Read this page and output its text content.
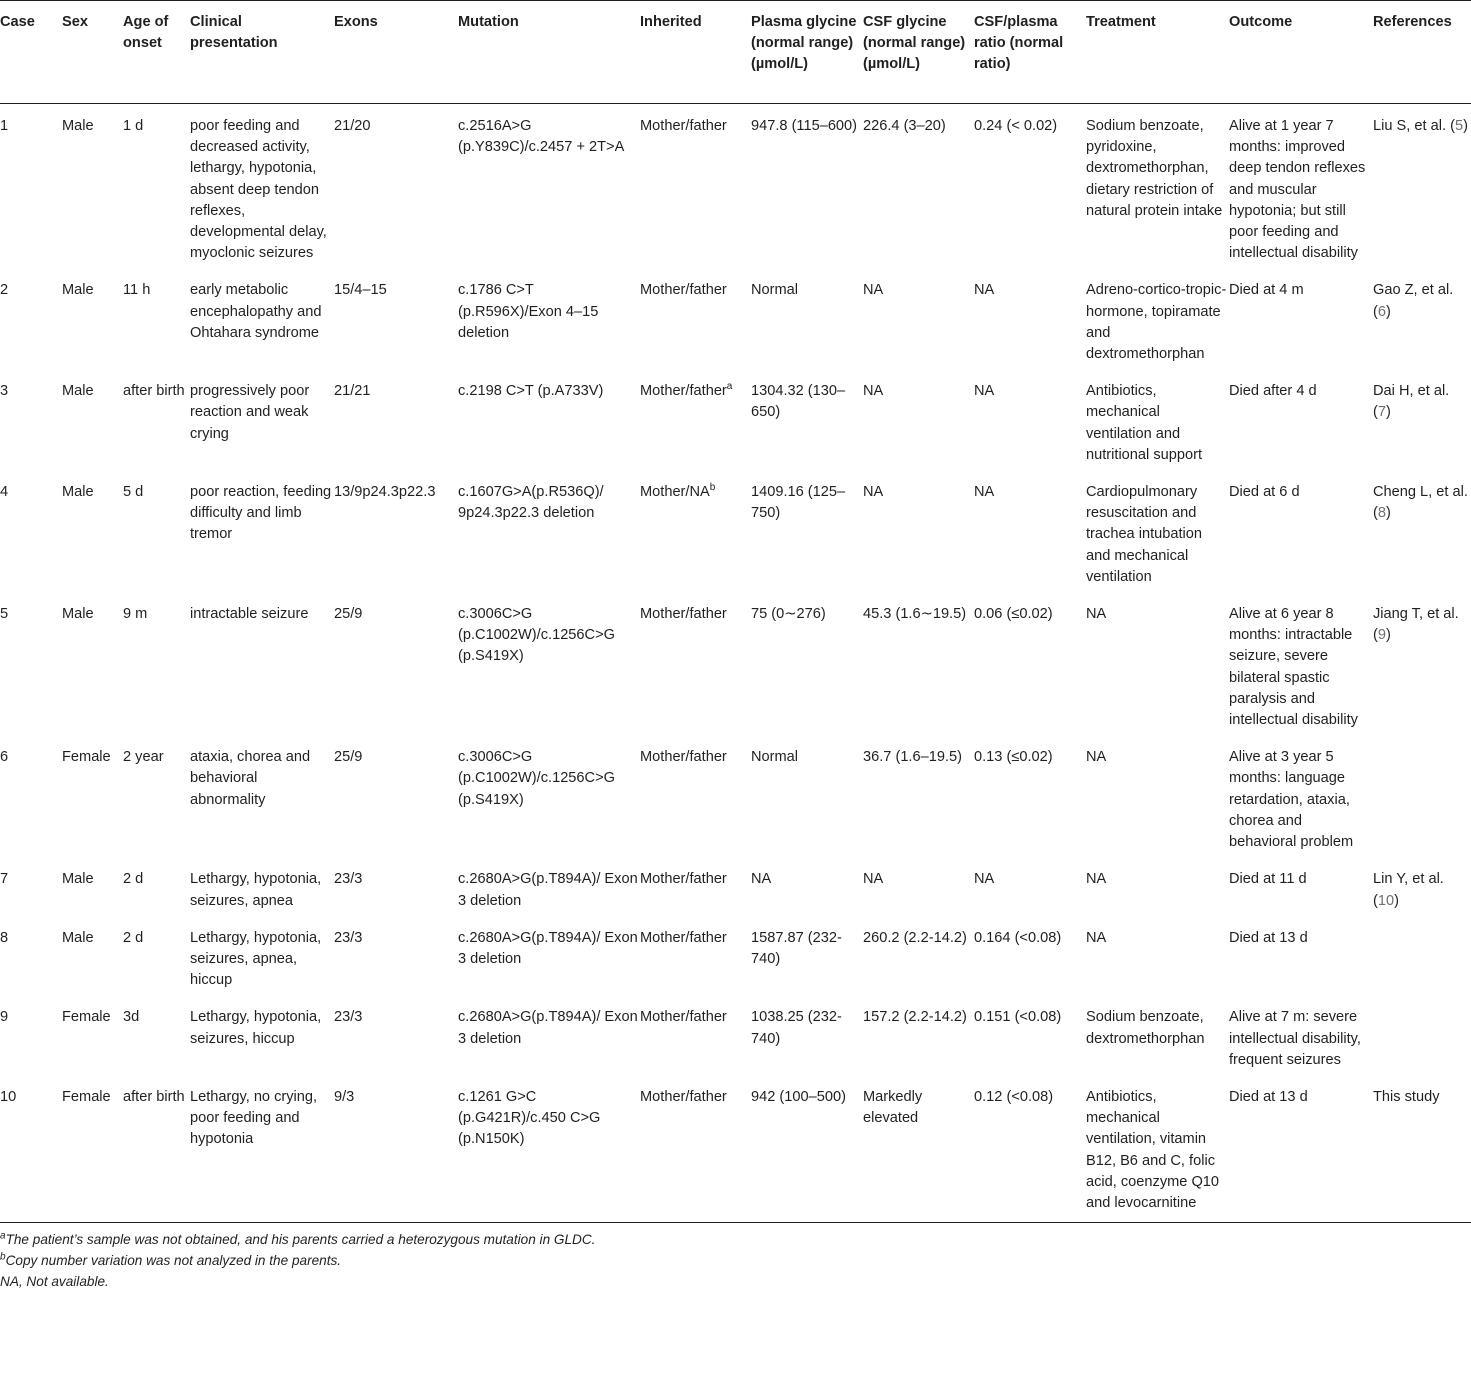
Case	Sex	Age of onset	Clinical presentation	Exons	Mutation	Inherited	Plasma glycine (normal range) (µmol/L)	CSF glycine (normal range) (µmol/L)	CSF/plasma ratio (normal ratio)	Treatment	Outcome	References
1	Male	1 d	poor feeding and decreased activity, lethargy, hypotonia, absent deep tendon reflexes, developmental delay, myoclonic seizures	21/20	c.2516A>G (p.Y839C)/c.2457 + 2T>A	Mother/father	947.8 (115–600)	226.4 (3–20)	0.24 (< 0.02)	Sodium benzoate, pyridoxine, dextromethorphan, dietary restriction of natural protein intake	Alive at 1 year 7 months: improved deep tendon reflexes and muscular hypotonia; but still poor feeding and intellectual disability	Liu S, et al. (5)
2	Male	11 h	early metabolic encephalopathy and Ohtahara syndrome	15/4–15	c.1786 C>T (p.R596X)/Exon 4–15 deletion	Mother/father	Normal	NA	NA	Adreno-cortico-tropic-hormone, topiramate and dextromethorphan	Died at 4 m	Gao Z, et al. (6)
3	Male	after birth	progressively poor reaction and weak crying	21/21	c.2198 C>T (p.A733V)	Mother/father$^a$	1304.32 (130–650)	NA	NA	Antibiotics, mechanical ventilation and nutritional support	Died after 4 d	Dai H, et al. (7)
4	Male	5 d	poor reaction, feeding difficulty and limb tremor	13/9p24.3p22.3	c.1607G>A(p.R536Q)/ 9p24.3p22.3 deletion	Mother/$NA^b$	1409.16 (125–750)	NA	NA	Cardiopulmonary resuscitation and trachea intubation and mechanical ventilation	Died at 6 d	Cheng L, et al. (8)
5	Male	9 m	intractable seizure	25/9	c.3006C>G (p.C1002W)/c.1256C>G (p.S419X)	Mother/father	75 (0∼276)	45.3 (1.6∼19.5)	0.06 (≤0.02)	NA	Alive at 6 year 8 months: intractable seizure, severe bilateral spastic paralysis and intellectual disability	Jiang T, et al. (9)
6	Female	2 year	ataxia, chorea and behavioral abnormality	25/9	c.3006C>G (p.C1002W)/c.1256C>G (p.S419X)	Mother/father	Normal	36.7 (1.6–19.5)	0.13 (≤0.02)	NA	Alive at 3 year 5 months: language retardation, ataxia, chorea and behavioral problem	
7	Male	2 d	Lethargy, hypotonia, seizures, apnea	23/3	c.2680A>G(p.T894A)/ Exon 3 deletion	Mother/father	NA	NA	NA	NA	Died at 11 d	Lin Y, et al. (10)
8	Male	2 d	Lethargy, hypotonia, seizures, apnea, hiccup	23/3	c.2680A>G(p.T894A)/ Exon 3 deletion	Mother/father	1587.87 (232-740)	260.2 (2.2-14.2)	0.164 (<0.08)	NA	Died at 13 d	
9	Female	3d	Lethargy, hypotonia, seizures, hiccup	23/3	c.2680A>G(p.T894A)/ Exon 3 deletion	Mother/father	1038.25 (232-740)	157.2 (2.2-14.2)	0.151 (<0.08)	Sodium benzoate, dextromethorphan	Alive at 7 m: severe intellectual disability, frequent seizures	
10	Female	after birth	Lethargy, no crying, poor feeding and hypotonia	9/3	c.1261 G>C (p.G421R)/c.450 C>G (p.N150K)	Mother/father	942 (100–500)	Markedly elevated	0.12 (<0.08)	Antibiotics, mechanical ventilation, vitamin B12, B6 and C, folic acid, coenzyme Q10 and levocarnitine	Died at 13 d	This study
$^a$The patient’s sample was not obtained, and his parents carried a heterozygous mutation in GLDC.
$^b$Copy number variation was not analyzed in the parents.
NA, Not available.
